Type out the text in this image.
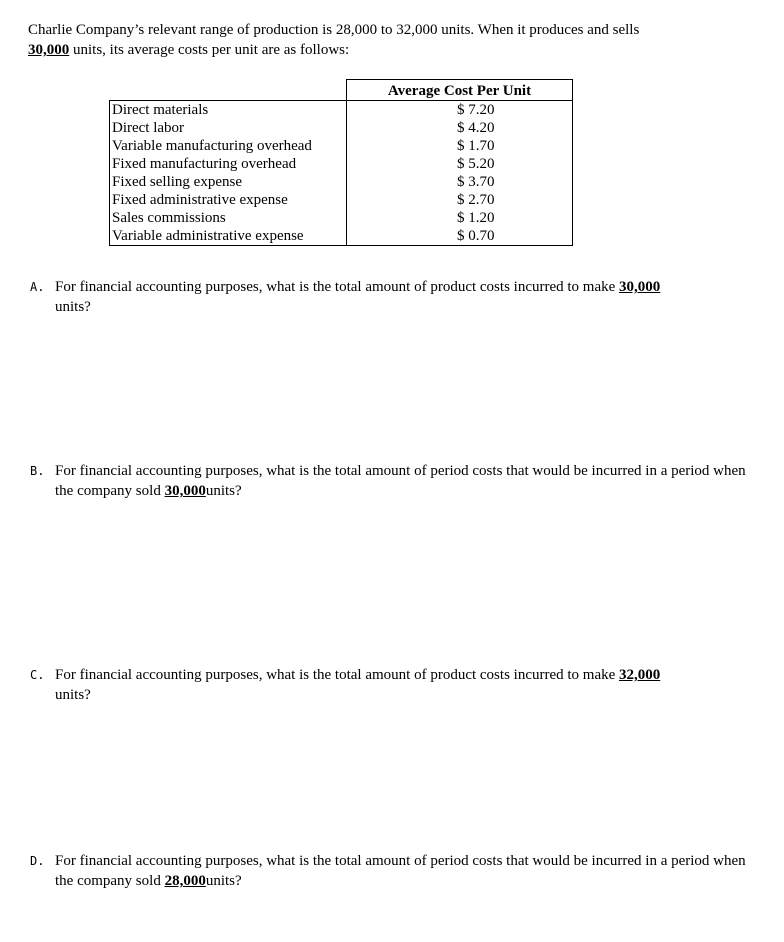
Charlie Company’s relevant range of production is 28,000 to 32,000 units. When it produces and sells

30,000 units, its average costs per unit are as follows:

	Average Cost Per Unit
Direct materials	$ 7.20
Direct labor	$ 4.20
Variable manufacturing overhead	$ 1.70
Fixed manufacturing overhead	$ 5.20
Fixed selling expense	$ 3.70
Fixed administrative expense	$ 2.70
Sales commissions	$ 1.20
Variable administrative expense	$ 0.70
A. For financial accounting purposes, what is the total amount of product costs incurred to make 30,000
units?
B. For financial accounting purposes, what is the total amount of period costs that would be incurred in a period when the company sold 30,000units?
C. For financial accounting purposes, what is the total amount of product costs incurred to make 32,000
units?
D. For financial accounting purposes, what is the total amount of period costs that would be incurred in a period when the company sold 28,000units?
